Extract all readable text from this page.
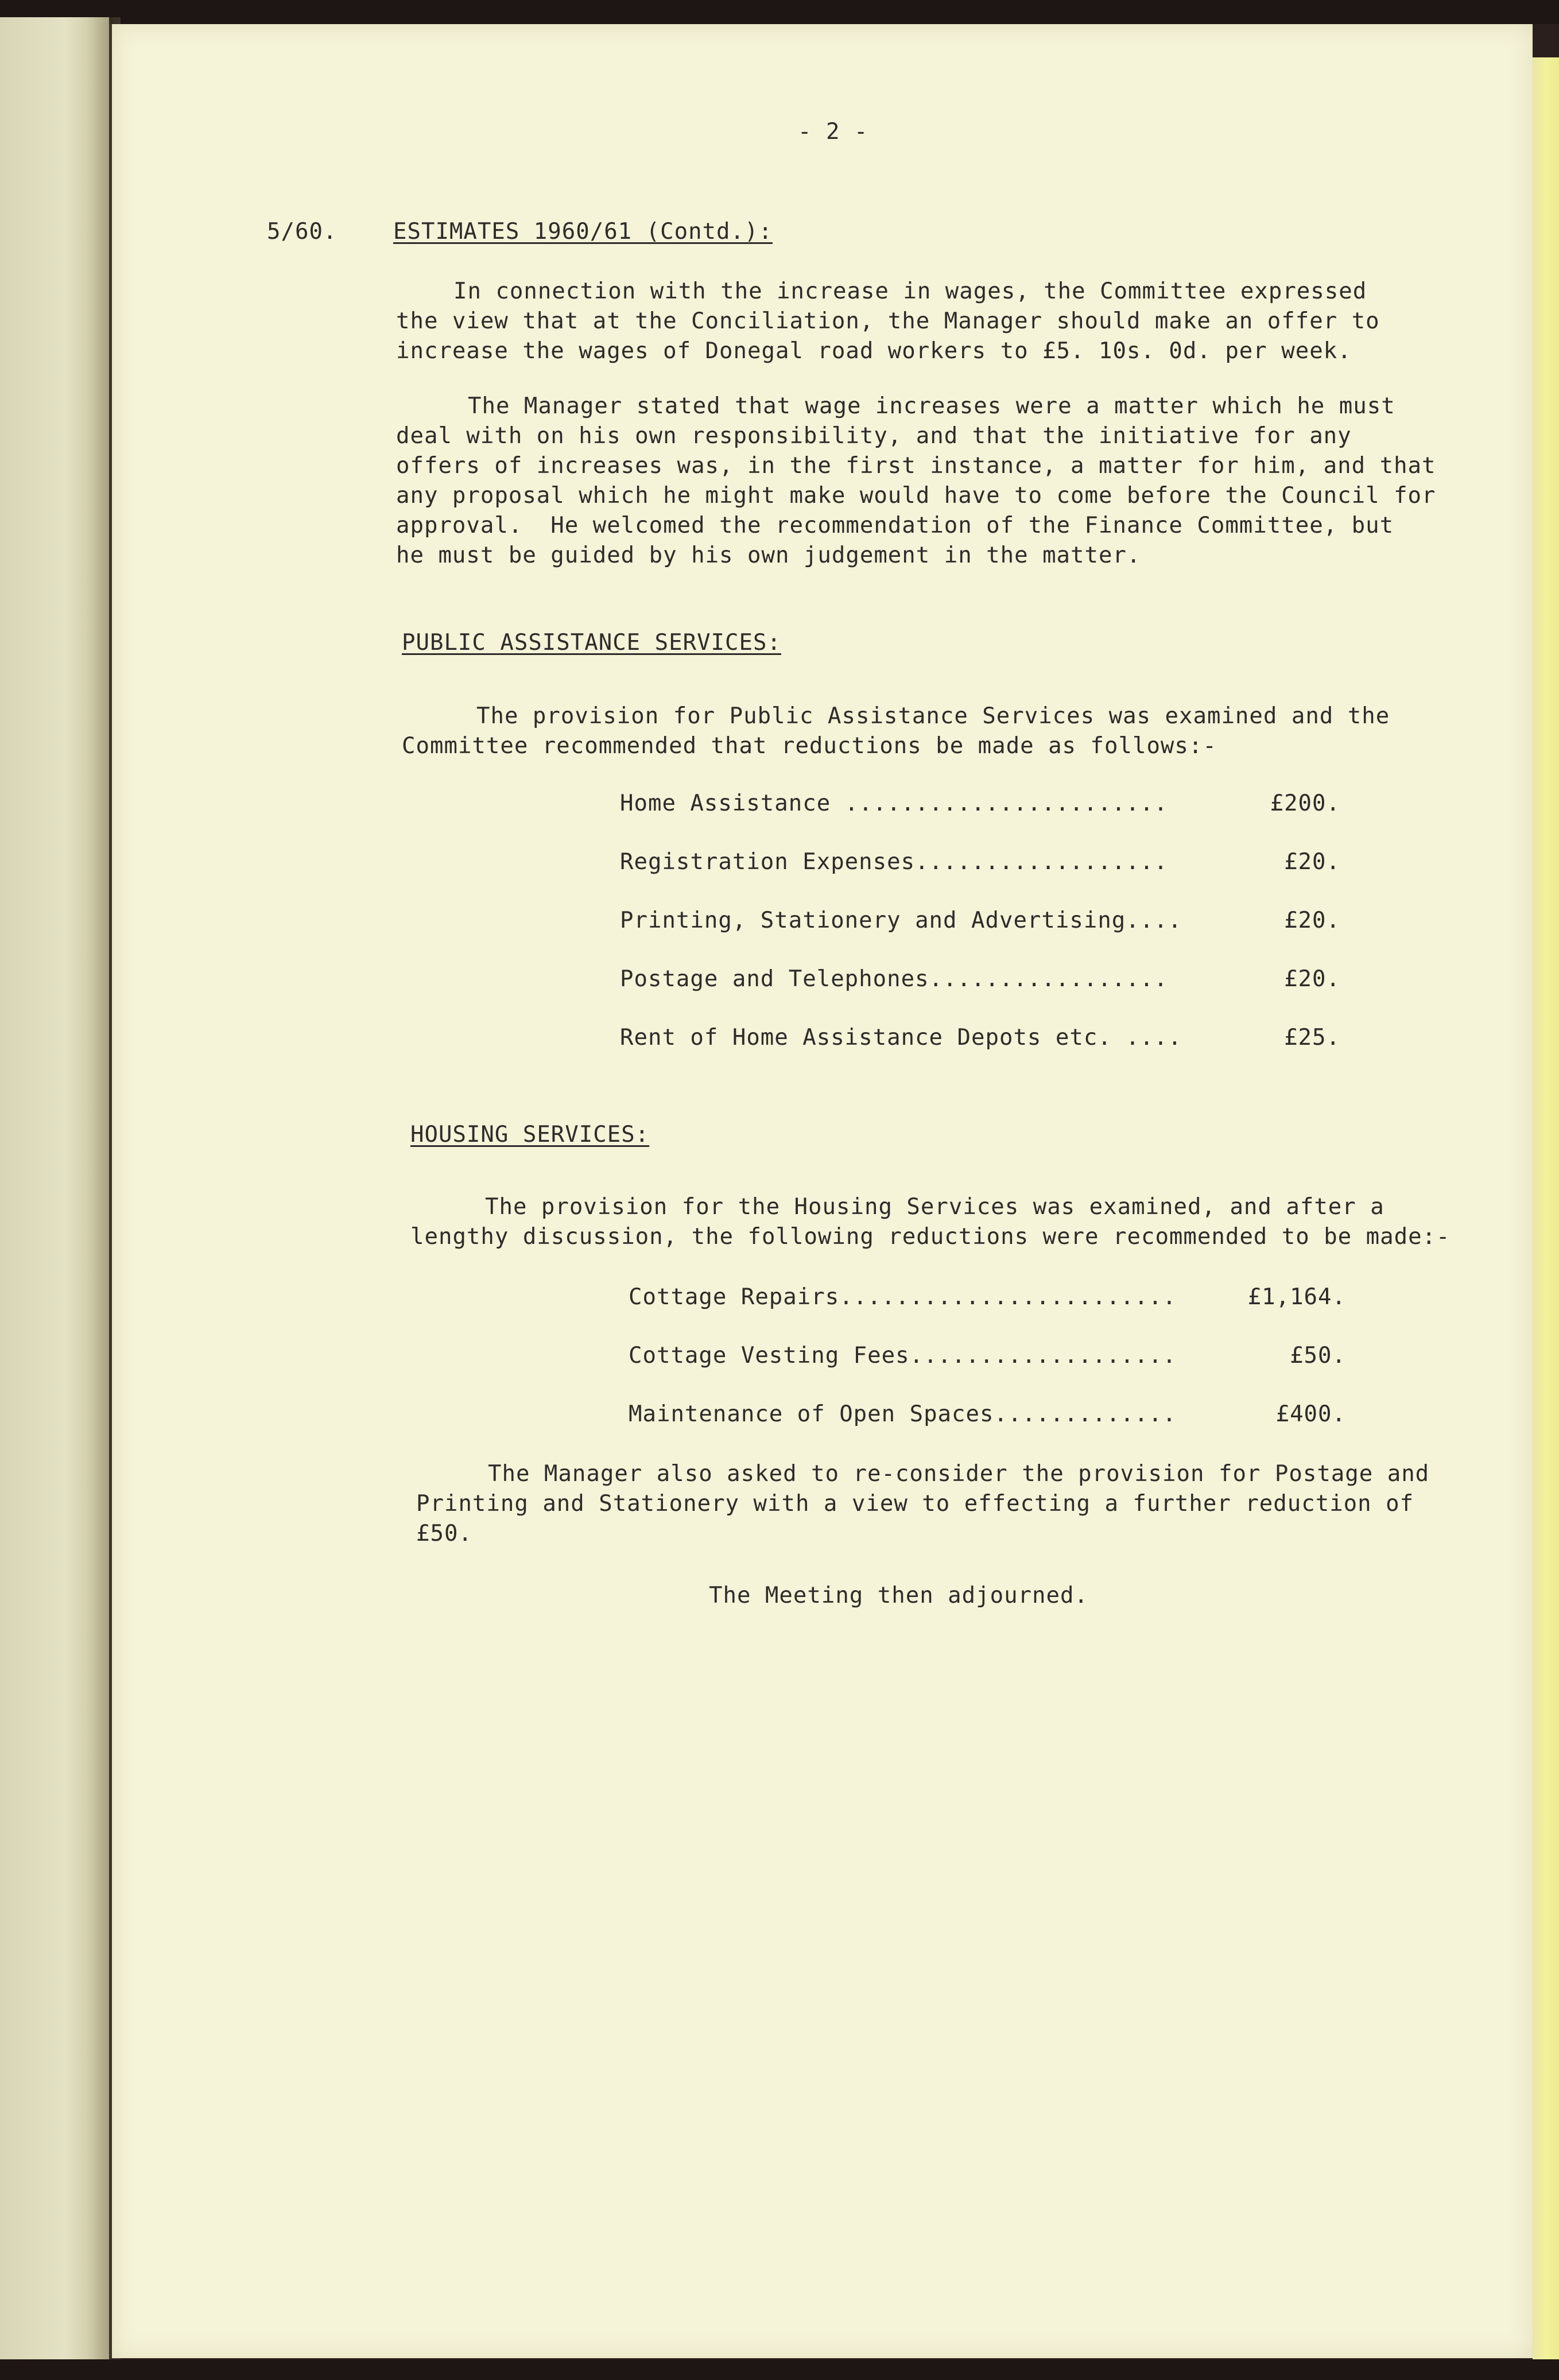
- 2 -
5/60.	ESTIMATES 1960/61 (Contd.):
In connection with the increase in wages, the Committee expressed
the view that at the Conciliation, the Manager should make an offer to
increase the wages of Donegal road workers to £5. 10s. 0d. per week.
The Manager stated that wage increases were a matter which he must
deal with on his own responsibility, and that the initiative for any
offers of increases was, in the first instance, a matter for him, and that
any proposal which he might make would have to come before the Council for
approval.  He welcomed the recommendation of the Finance Committee, but
he must be guided by his own judgement in the matter.
PUBLIC ASSISTANCE SERVICES:
The provision for Public Assistance Services was examined and the
Committee recommended that reductions be made as follows:-
Home Assistance .......................	£200.
Registration Expenses..................	£20.
Printing, Stationery and Advertising....	£20.
Postage and Telephones.................	£20.
Rent of Home Assistance Depots etc. ....	£25.
HOUSING SERVICES:
The provision for the Housing Services was examined, and after a
lengthy discussion, the following reductions were recommended to be made:-
Cottage Repairs........................	£1,164.
Cottage Vesting Fees...................	£50.
Maintenance of Open Spaces.............	£400.
The Manager also asked to re-consider the provision for Postage and
Printing and Stationery with a view to effecting a further reduction of
£50.
The Meeting then adjourned.
